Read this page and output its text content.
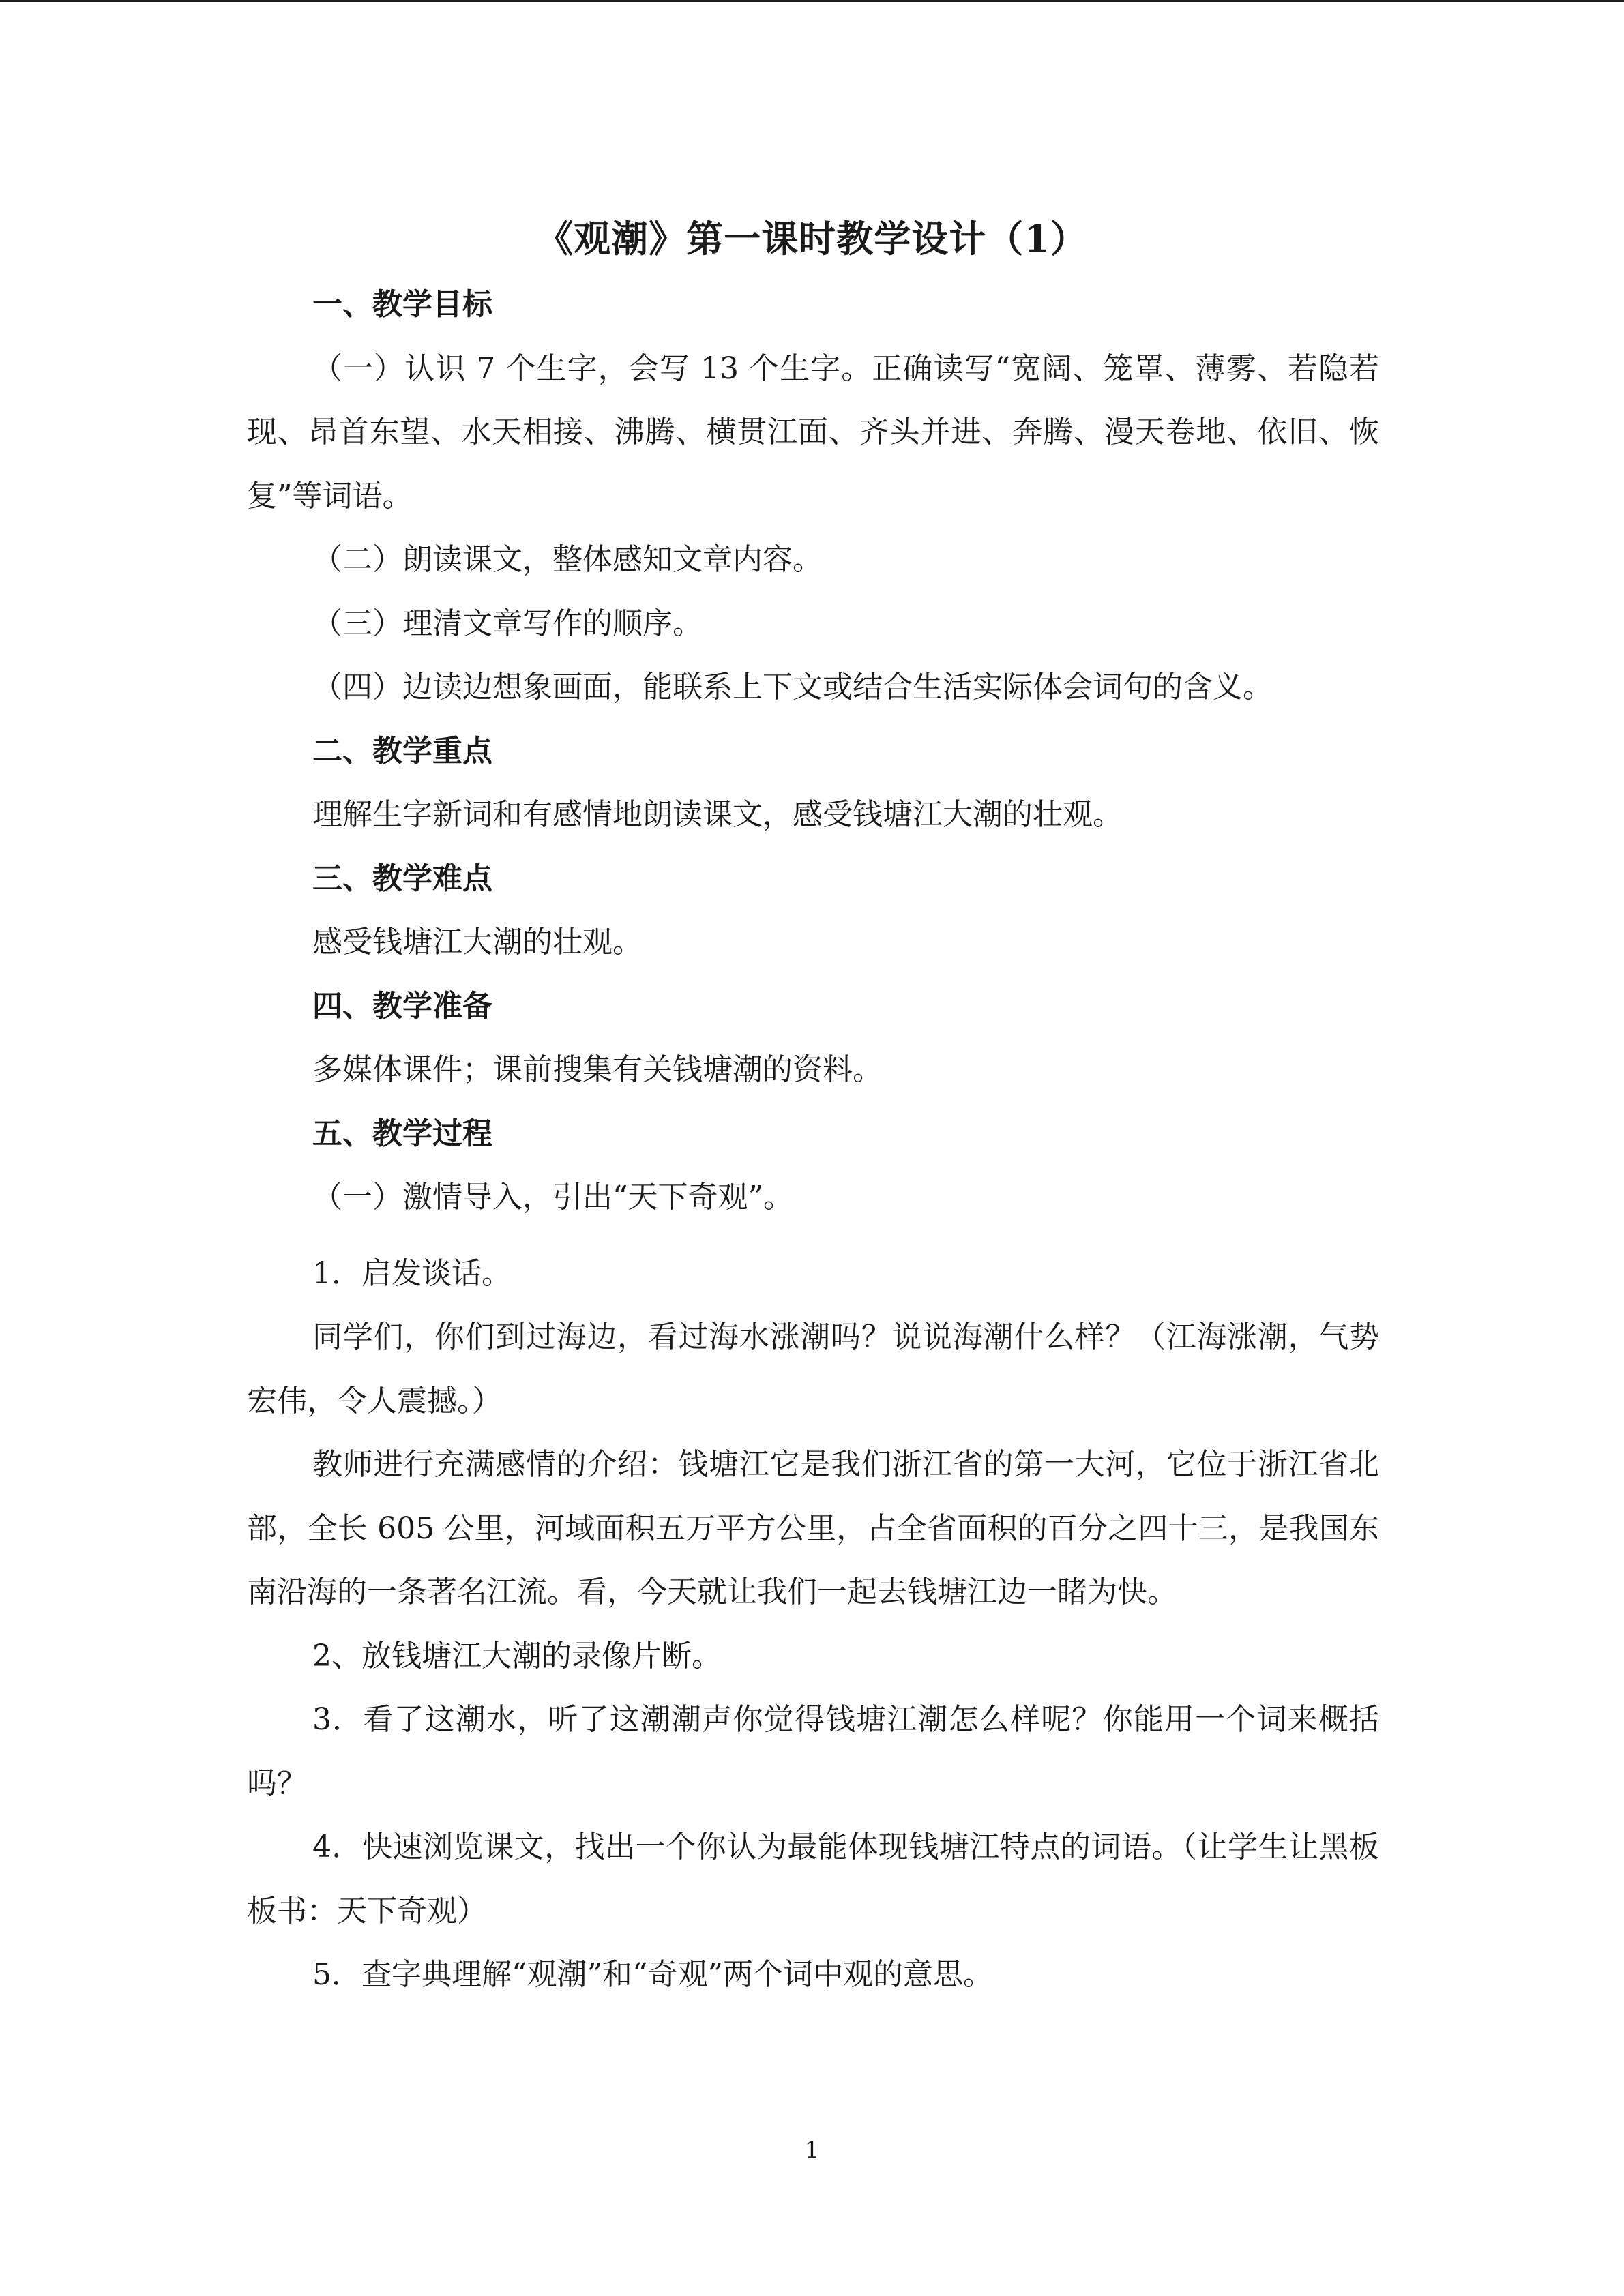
《观潮》第一课时教学设计（1）

一、教学目标

（一）认识 7 个生字，会写 13 个生字。正确读写“宽阔、笼罩、薄雾、若隐若现、昂首东望、水天相接、沸腾、横贯江面、齐头并进、奔腾、漫天卷地、依旧、恢复”等词语。

（二）朗读课文，整体感知文章内容。

（三）理清文章写作的顺序。

（四）边读边想象画面，能联系上下文或结合生活实际体会词句的含义。

二、教学重点

理解生字新词和有感情地朗读课文，感受钱塘江大潮的壮观。

三、教学难点

感受钱塘江大潮的壮观。

四、教学准备

多媒体课件；课前搜集有关钱塘潮的资料。

五、教学过程

（一）激情导入，引出“天下奇观”。

1．启发谈话。

同学们，你们到过海边，看过海水涨潮吗？说说海潮什么样？（江海涨潮，气势宏伟，令人震撼。）

教师进行充满感情的介绍：钱塘江它是我们浙江省的第一大河，它位于浙江省北部，全长 605 公里，河域面积五万平方公里，占全省面积的百分之四十三，是我国东南沿海的一条著名江流。看，今天就让我们一起去钱塘江边一睹为快。

2、放钱塘江大潮的录像片断。

3．看了这潮水，听了这潮潮声你觉得钱塘江潮怎么样呢？你能用一个词来概括吗？

4．快速浏览课文，找出一个你认为最能体现钱塘江特点的词语。（让学生让黑板板书：天下奇观）

5．查字典理解“观潮”和“奇观”两个词中观的意思。

1
